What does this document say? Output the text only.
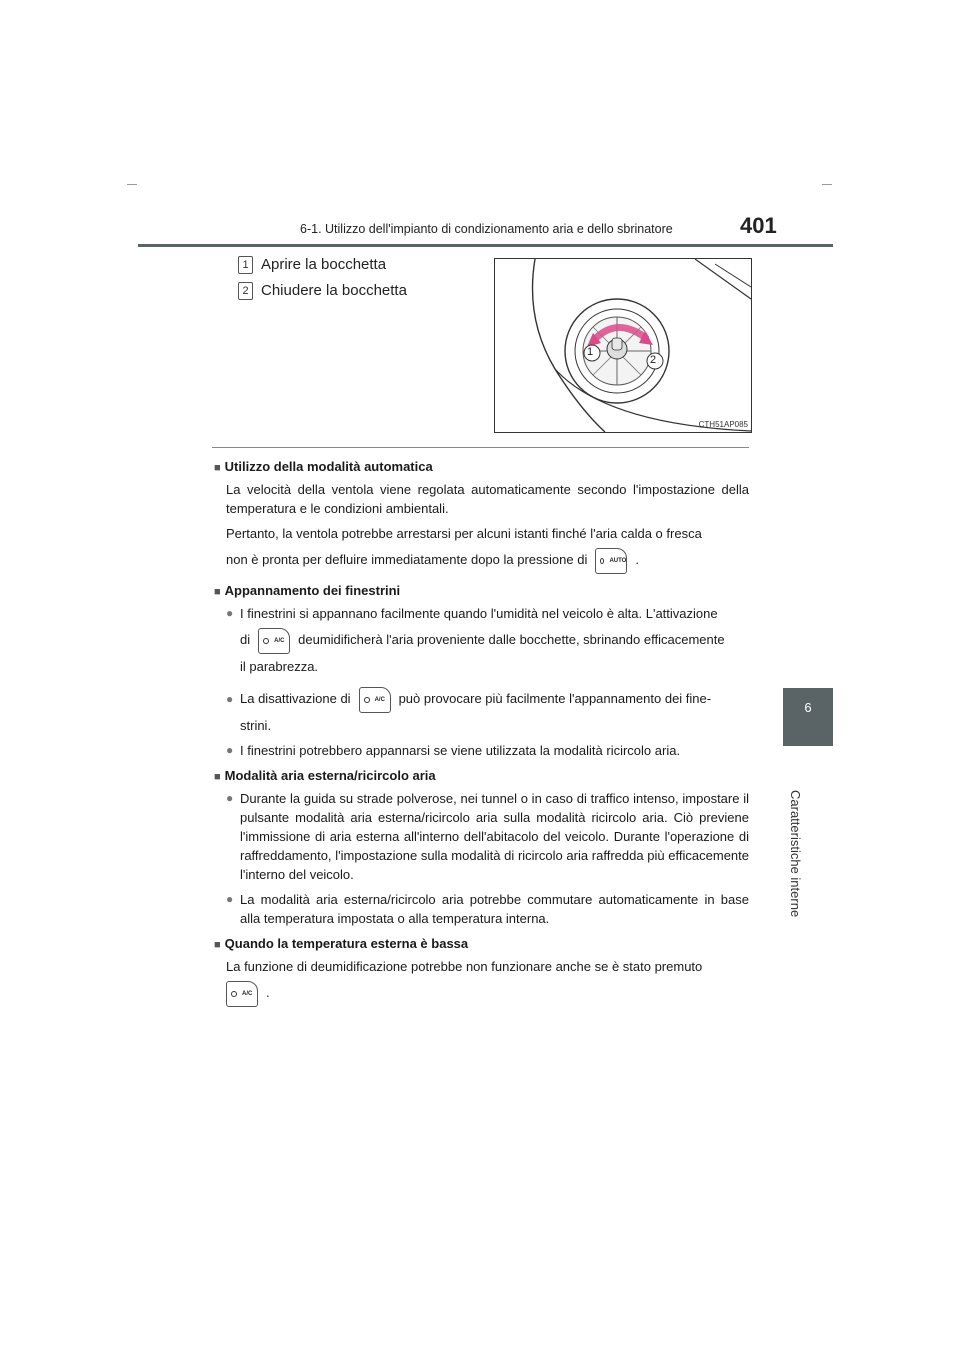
6-1. Utilizzo dell'impianto di condizionamento aria e dello sbrinatore	401
6
Caratteristiche interne
1 Aprire la bocchetta
2 Chiudere la bocchetta
1
2
CTH51AP085
■ Utilizzo della modalità automatica

La velocità della ventola viene regolata automaticamente secondo l'impostazione della temperatura e le condizioni ambientali.

Pertanto, la ventola potrebbe arrestarsi per alcuni istanti finché l'aria calda o fresca

non è pronta per defluire immediatamente dopo la pressione di	AUTO .

■ Appannamento dei finestrini
● I finestrini si appannano facilmente quando l'umidità nel veicolo è alta. L'attivazione
di	A/C deumidificherà l'aria proveniente dalle bocchette, sbrinando efficacemente
il parabrezza.
● La disattivazione di	A/C può provocare più facilmente l'appannamento dei fine-
strini.
● I finestrini potrebbero appannarsi se viene utilizzata la modalità ricircolo aria.
■ Modalità aria esterna/ricircolo aria
● Durante la guida su strade polverose, nei tunnel o in caso di traffico intenso, impostare il pulsante modalità aria esterna/ricircolo aria sulla modalità ricircolo aria. Ciò previene l'immissione di aria esterna all'interno dell'abitacolo del veicolo. Durante l'operazione di raffreddamento, l'impostazione sulla modalità di ricircolo aria raffredda più efficacemente l'interno del veicolo.
● La modalità aria esterna/ricircolo aria potrebbe commutare automaticamente in base alla temperatura impostata o alla temperatura interna.
■ Quando la temperatura esterna è bassa

La funzione di deumidificazione potrebbe non funzionare anche se è stato premuto

A/C .
